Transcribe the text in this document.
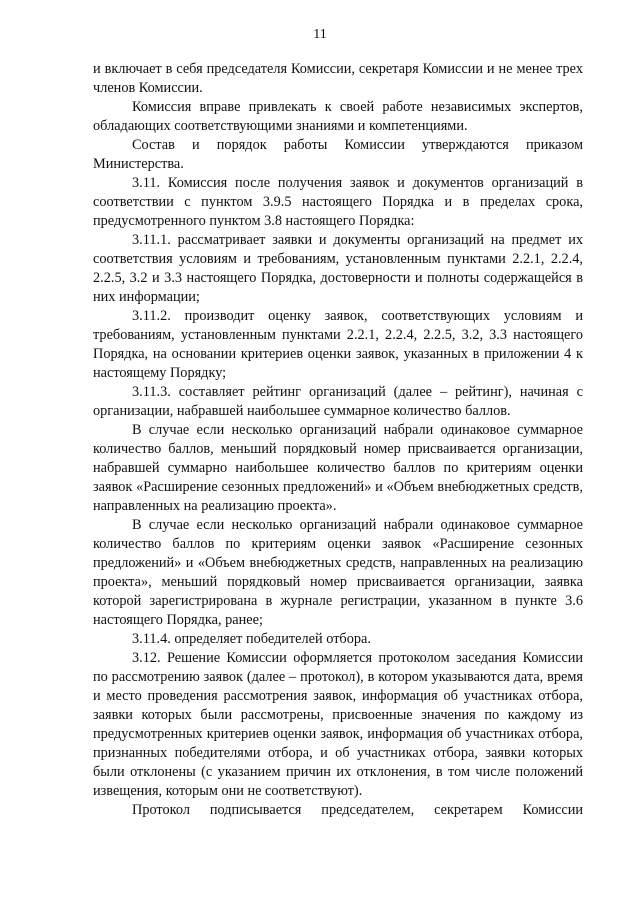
11

и включает в себя председателя Комиссии, секретаря Комиссии и не менее трех членов Комиссии.

Комиссия вправе привлекать к своей работе независимых экспертов, обладающих соответствующими знаниями и компетенциями.

Состав и порядок работы Комиссии утверждаются приказом Министерства.

3.11. Комиссия после получения заявок и документов организаций в соответствии с пунктом 3.9.5 настоящего Порядка и в пределах срока, предусмотренного пунктом 3.8 настоящего Порядка:

3.11.1. рассматривает заявки и документы организаций на предмет их соответствия условиям и требованиям, установленным пунктами 2.2.1, 2.2.4, 2.2.5, 3.2 и 3.3 настоящего Порядка, достоверности и полноты содержащейся в них информации;

3.11.2. производит оценку заявок, соответствующих условиям и требованиям, установленным пунктами 2.2.1, 2.2.4, 2.2.5, 3.2, 3.3 настоящего Порядка, на основании критериев оценки заявок, указанных в приложении 4 к настоящему Порядку;

3.11.3. составляет рейтинг организаций (далее – рейтинг), начиная с организации, набравшей наибольшее суммарное количество баллов.

В случае если несколько организаций набрали одинаковое суммарное количество баллов, меньший порядковый номер присваивается организации, набравшей суммарно наибольшее количество баллов по критериям оценки заявок «Расширение сезонных предложений» и «Объем внебюджетных средств, направленных на реализацию проекта».

В случае если несколько организаций набрали одинаковое суммарное количество баллов по критериям оценки заявок «Расширение сезонных предложений» и «Объем внебюджетных средств, направленных на реализацию проекта», меньший порядковый номер присваивается организации, заявка которой зарегистрирована в журнале регистрации, указанном в пункте 3.6 настоящего Порядка, ранее;

3.11.4. определяет победителей отбора.

3.12. Решение Комиссии оформляется протоколом заседания Комиссии по рассмотрению заявок (далее – протокол), в котором указываются дата, время и место проведения рассмотрения заявок, информация об участниках отбора, заявки которых были рассмотрены, присвоенные значения по каждому из предусмотренных критериев оценки заявок, информация об участниках отбора, признанных победителями отбора, и об участниках отбора, заявки которых были отклонены (с указанием причин их отклонения, в том числе положений извещения, которым они не соответствуют).

Протокол подписывается председателем, секретарем Комиссии
